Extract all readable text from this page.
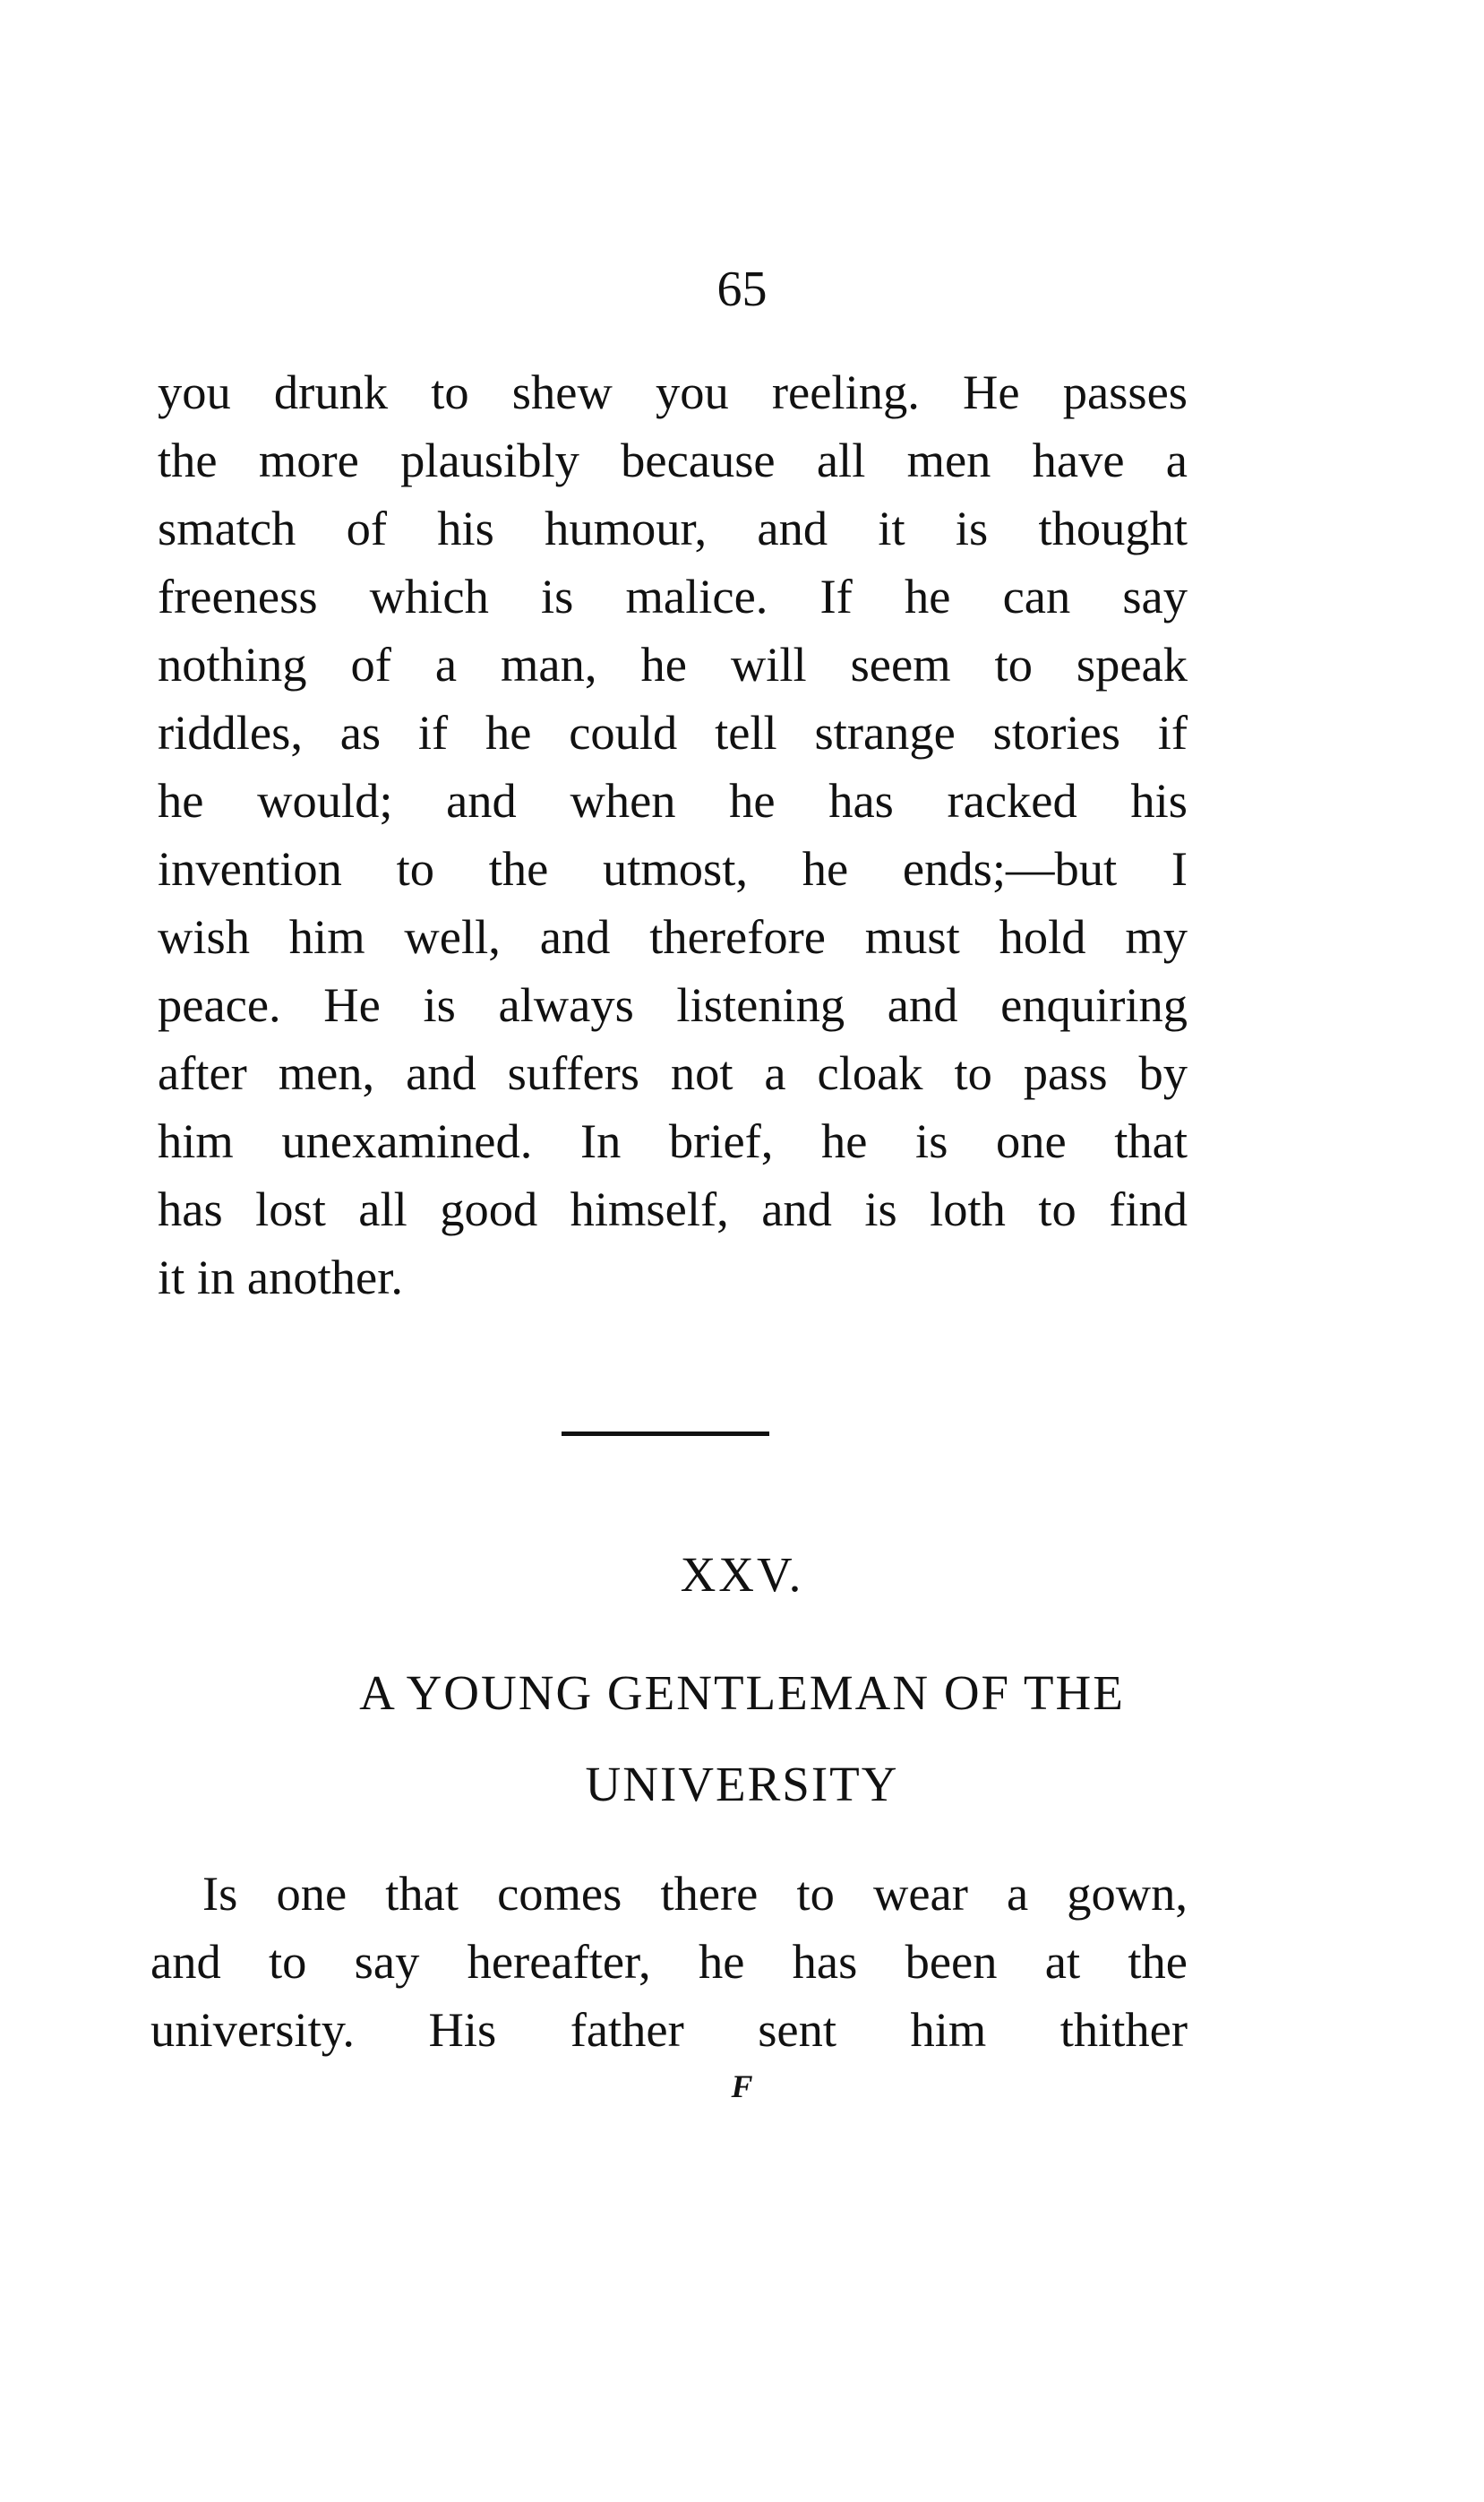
65
you drunk to shew you reeling. He passes
the more plausibly because all men have a
smatch of his humour, and it is thought
freeness which is malice. If he can say
nothing of a man, he will seem to speak
riddles, as if he could tell strange stories if
he would; and when he has racked his
invention to the utmost, he ends;—but I
wish him well, and therefore must hold my
peace. He is always listening and enquiring
after men, and suffers not a cloak to pass by
him unexamined. In brief, he is one that
has lost all good himself, and is loth to find
it in another.
XXV.
A YOUNG GENTLEMAN OF THE
UNIVERSITY
Is one that comes there to wear a gown,
and to say hereafter, he has been at the
university. His father sent him thither
F
